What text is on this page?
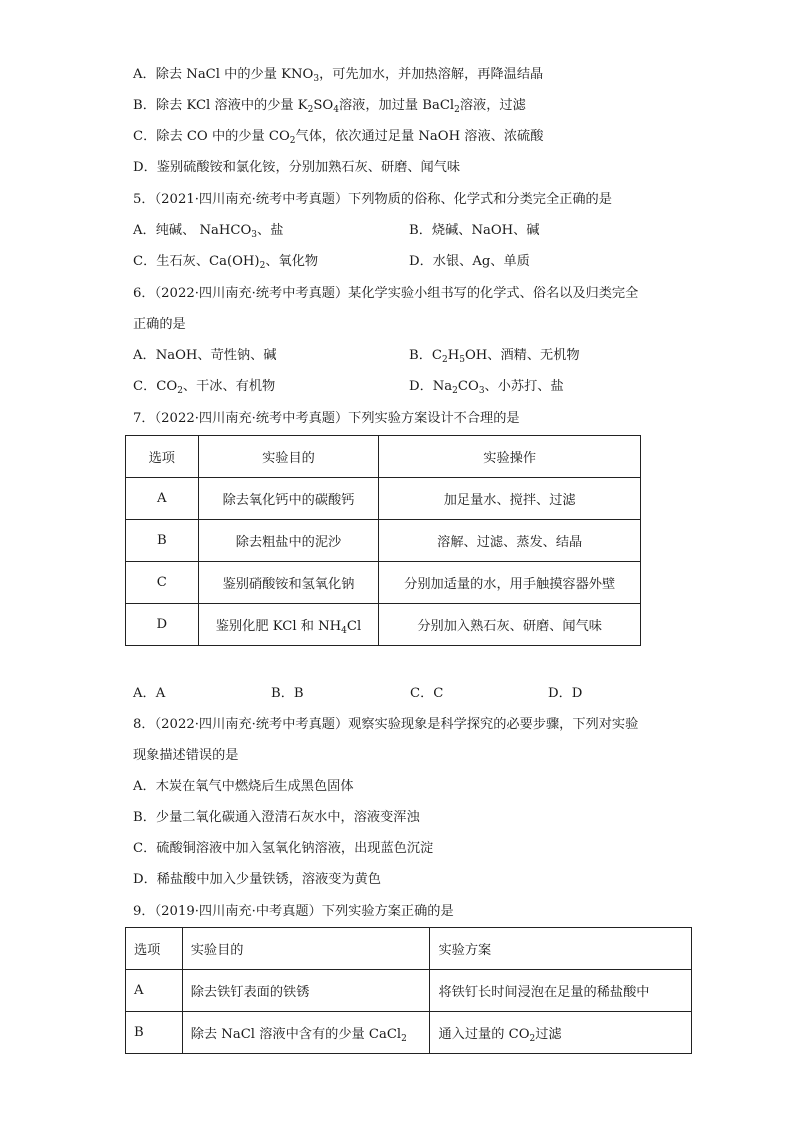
A．除去 NaCl 中的少量 $KNO_3$，可先加水，并加热溶解，再降温结晶
B．除去 KCl 溶液中的少量 $K_2SO_4$溶液，加过量 BaCl$_2$溶液，过滤
C．除去 CO 中的少量 $CO_2$气体，依次通过足量 NaOH 溶液、浓硫酸
D．鉴别硫酸铵和氯化铵，分别加熟石灰、研磨、闻气味
5．（2021·四川南充·统考中考真题）下列物质的俗称、化学式和分类完全正确的是
A．纯碱、 NaHCO$_3$、盐	B．烧碱、NaOH、碱
C．生石灰、$Ca(OH)_2$、氧化物	D．水银、Ag、单质
6．（2022·四川南充·统考中考真题）某化学实验小组书写的化学式、俗名以及归类完全
正确的是
A．NaOH、苛性钠、碱	B．$C_2H_5OH$、酒精、无机物
C．$CO_2$、干冰、有机物	D．$Na_2CO_3$、小苏打、盐
7．（2022·四川南充·统考中考真题）下列实验方案设计不合理的是
选项	实验目的	实验操作
A	除去氧化钙中的碳酸钙	加足量水、搅拌、过滤
B	除去粗盐中的泥沙	溶解、过滤、蒸发、结晶
C	鉴别硝酸铵和氢氧化钠	分别加适量的水，用手触摸容器外壁
D	鉴别化肥 KCl 和 $NH_4Cl$	分别加入熟石灰、研磨、闻气味
A．A	B．B	C．C	D．D
8．（2022·四川南充·统考中考真题）观察实验现象是科学探究的必要步骤，下列对实验
现象描述错误的是
A．木炭在氧气中燃烧后生成黑色固体
B．少量二氧化碳通入澄清石灰水中，溶液变浑浊
C．硫酸铜溶液中加入氢氧化钠溶液，出现蓝色沉淀
D．稀盐酸中加入少量铁锈，溶液变为黄色
9．（2019·四川南充·中考真题）下列实验方案正确的是
选项	实验目的	实验方案
A	除去铁钉表面的铁锈	将铁钉长时间浸泡在足量的稀盐酸中
B	除去 NaCl 溶液中含有的少量 CaCl$_2$	通入过量的 $CO_2$过滤
